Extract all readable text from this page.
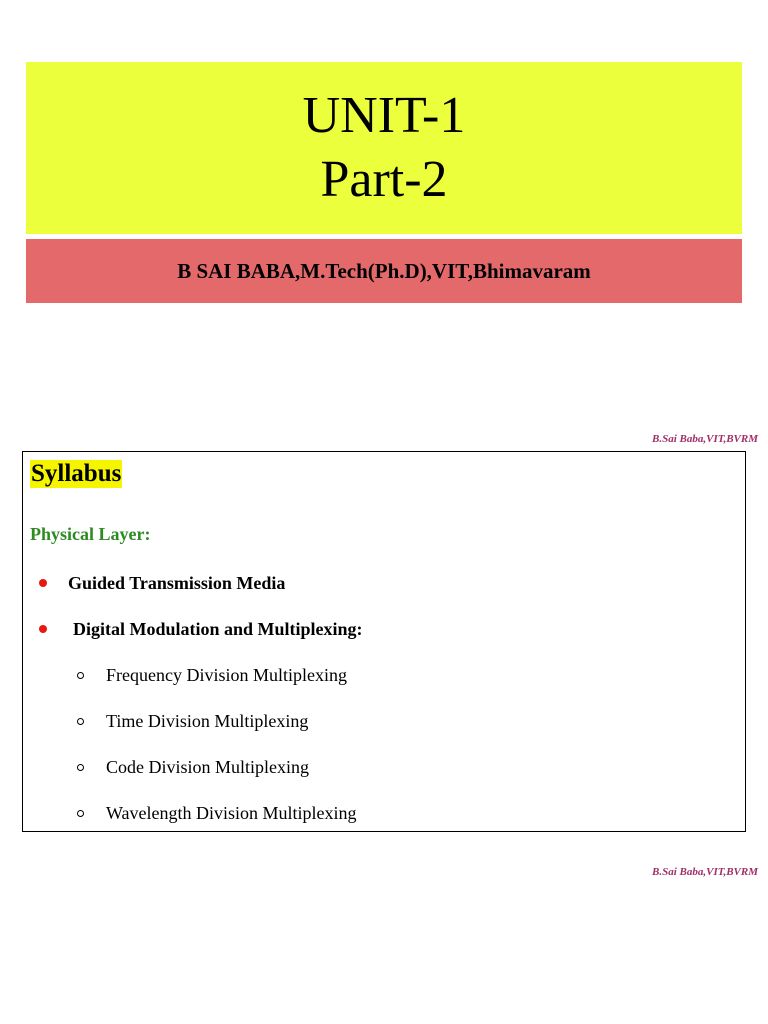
UNIT-1
Part-2
B SAI BABA,M.Tech(Ph.D),VIT,Bhimavaram
B.Sai Baba,VIT,BVRM
Syllabus
Physical Layer:
Guided Transmission Media
Digital Modulation and Multiplexing:
Frequency Division Multiplexing
Time Division Multiplexing
Code Division Multiplexing
Wavelength Division Multiplexing
B.Sai Baba,VIT,BVRM
